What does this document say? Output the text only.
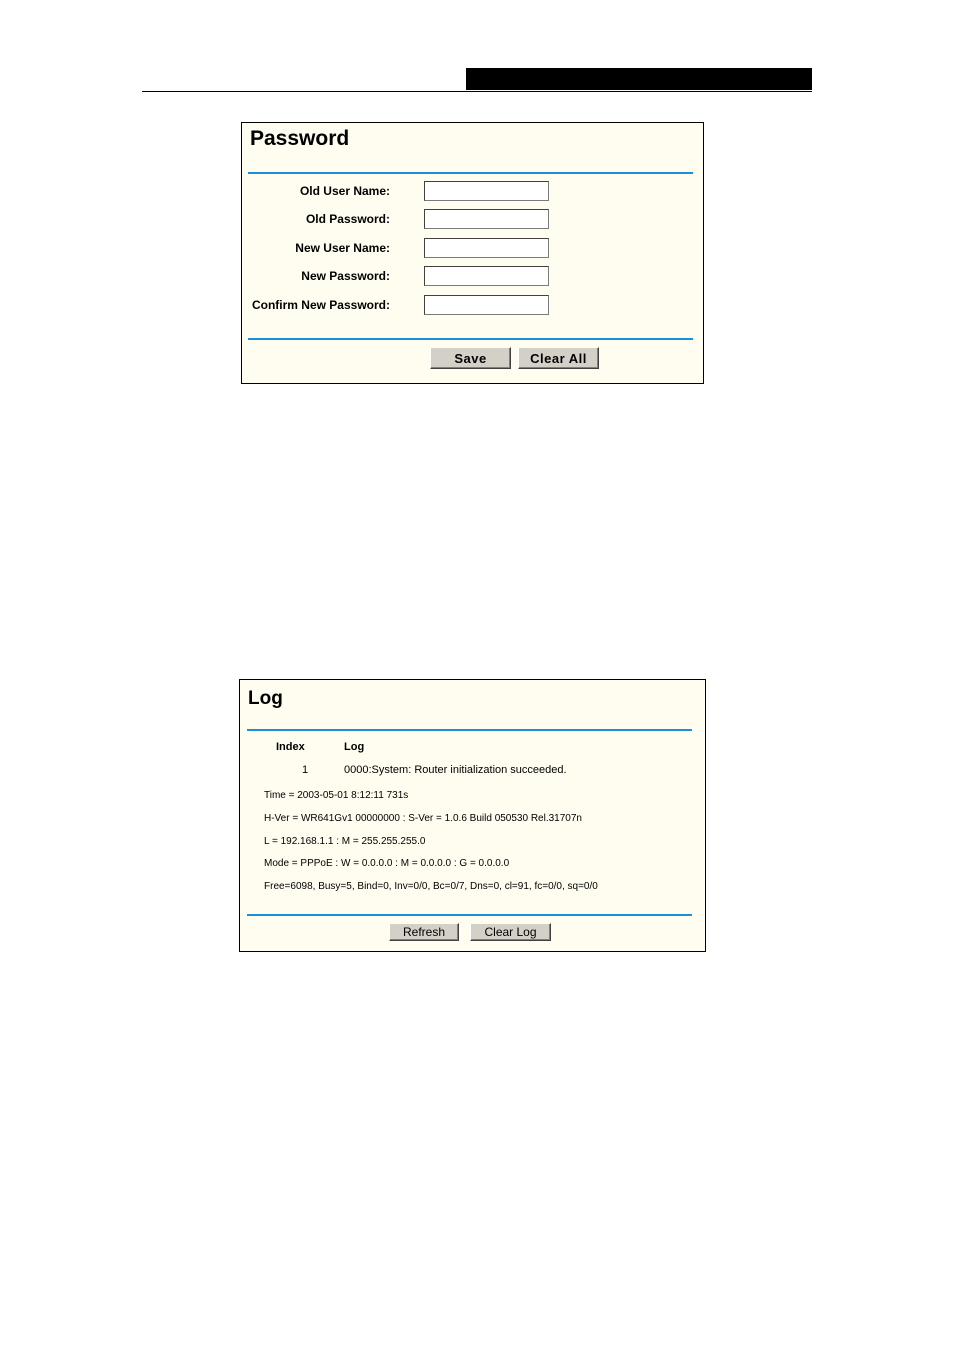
Password
Old User Name:
Old Password:
New User Name:
New Password:
Confirm New Password:
Save	Clear All
Log
Index	Log
1	0000:System: Router initialization succeeded.
Time = 2003-05-01 8:12:11 731s
H-Ver = WR641Gv1 00000000 : S-Ver = 1.0.6 Build 050530 Rel.31707n
L = 192.168.1.1 : M = 255.255.255.0
Mode = PPPoE : W = 0.0.0.0 : M = 0.0.0.0 : G = 0.0.0.0
Free=6098, Busy=5, Bind=0, Inv=0/0, Bc=0/7, Dns=0, cl=91, fc=0/0, sq=0/0
Refresh	Clear Log
